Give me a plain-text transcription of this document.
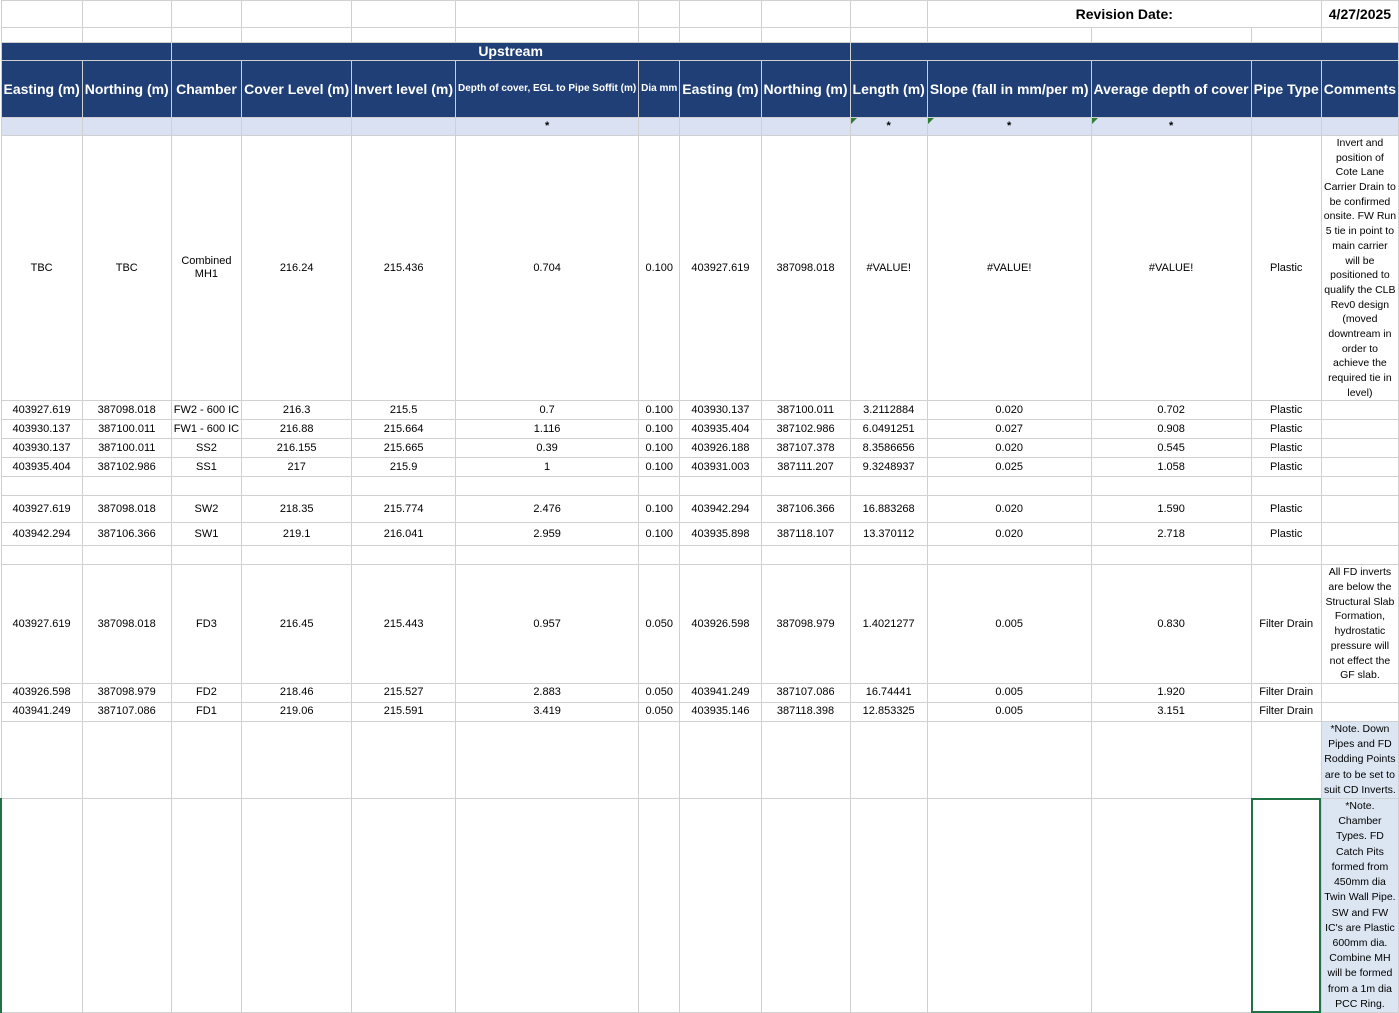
										Revision Date:			4/27/2025

		Upstream											
Easting (m)	Northing (m)	Chamber	Cover Level (m)	Invert level (m)	Depth of cover, EGL to Pipe Soffit (m)	Dia mm	Easting (m)	Northing (m)	Length (m)	Slope (fall in mm/per m)	Average depth of cover	Pipe Type	Comments
					*				*	*	*		
TBC	TBC	Combined MH1	216.24	215.436	0.704	0.100	403927.619	387098.018	#VALUE!	#VALUE!	#VALUE!	Plastic	Invert and position of Cote Lane Carrier Drain to be confirmed onsite. FW Run 5 tie in point to main carrier will be positioned to qualify the CLB Rev0 design (moved downtream in order to achieve the required tie in level)
403927.619	387098.018	FW2 - 600 IC	216.3	215.5	0.7	0.100	403930.137	387100.011	3.2112884	0.020	0.702	Plastic	
403930.137	387100.011	FW1 - 600 IC	216.88	215.664	1.116	0.100	403935.404	387102.986	6.0491251	0.027	0.908	Plastic	
403930.137	387100.011	SS2	216.155	215.665	0.39	0.100	403926.188	387107.378	8.3586656	0.020	0.545	Plastic	
403935.404	387102.986	SS1	217	215.9	1	0.100	403931.003	387111.207	9.3248937	0.025	1.058	Plastic	

403927.619	387098.018	SW2	218.35	215.774	2.476	0.100	403942.294	387106.366	16.883268	0.020	1.590	Plastic	
403942.294	387106.366	SW1	219.1	216.041	2.959	0.100	403935.898	387118.107	13.370112	0.020	2.718	Plastic	

403927.619	387098.018	FD3	216.45	215.443	0.957	0.050	403926.598	387098.979	1.4021277	0.005	0.830	Filter Drain	All FD inverts are below the Structural Slab Formation, hydrostatic pressure will not effect the GF slab.
403926.598	387098.979	FD2	218.46	215.527	2.883	0.050	403941.249	387107.086	16.74441	0.005	1.920	Filter Drain	
403941.249	387107.086	FD1	219.06	215.591	3.419	0.050	403935.146	387118.398	12.853325	0.005	3.151	Filter Drain	
													*Note. Down Pipes and FD Rodding Points are to be set to suit CD Inverts.
													*Note. Chamber Types. FD Catch Pits formed from 450mm dia Twin Wall Pipe. SW and FW IC's are Plastic 600mm dia. Combine MH will be formed from a 1m dia PCC Ring.
